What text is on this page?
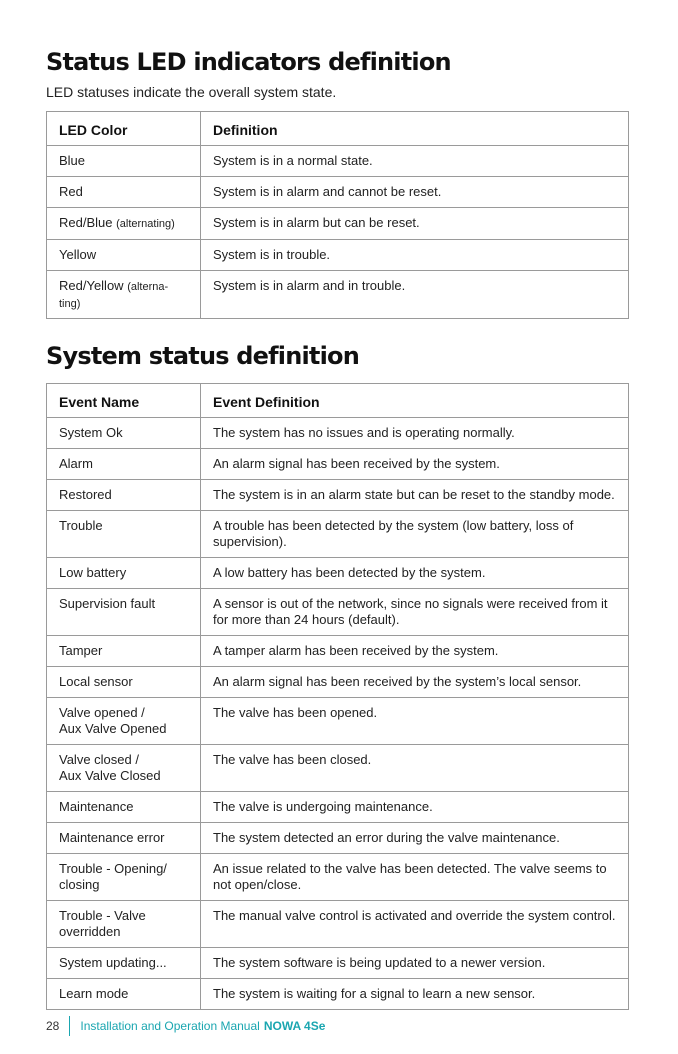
Status LED indicators definition

LED statuses indicate the overall system state.

LED Color	Definition
Blue	System is in a normal state.
Red	System is in alarm and cannot be reset.
Red/Blue (alternating)	System is in alarm but can be reset.
Yellow	System is in trouble.
Red/Yellow (alterna-
ting)	System is in alarm and in trouble.
System status definition
Event Name	Event Definition
System Ok	The system has no issues and is operating normally.
Alarm	An alarm signal has been received by the system.
Restored	The system is in an alarm state but can be reset to the standby mode.
Trouble	A trouble has been detected by the system (low battery, loss of supervision).
Low battery	A low battery has been detected by the system.
Supervision fault	A sensor is out of the network, since no signals were received from it for more than 24 hours (default).
Tamper	A tamper alarm has been received by the system.
Local sensor	An alarm signal has been received by the system’s local sensor.
Valve opened /
Aux Valve Opened	The valve has been opened.
Valve closed /
Aux Valve Closed	The valve has been closed.
Maintenance	The valve is undergoing maintenance.
Maintenance error	The system detected an error during the valve maintenance.
Trouble - Opening/
closing	An issue related to the valve has been detected. The valve seems to not open/close.
Trouble - Valve
overridden	The manual valve control is activated and override the system control.
System updating...	The system software is being updated to a newer version.
Learn mode	The system is waiting for a signal to learn a new sensor.
28 Installation and Operation Manual NOWA 4Se
